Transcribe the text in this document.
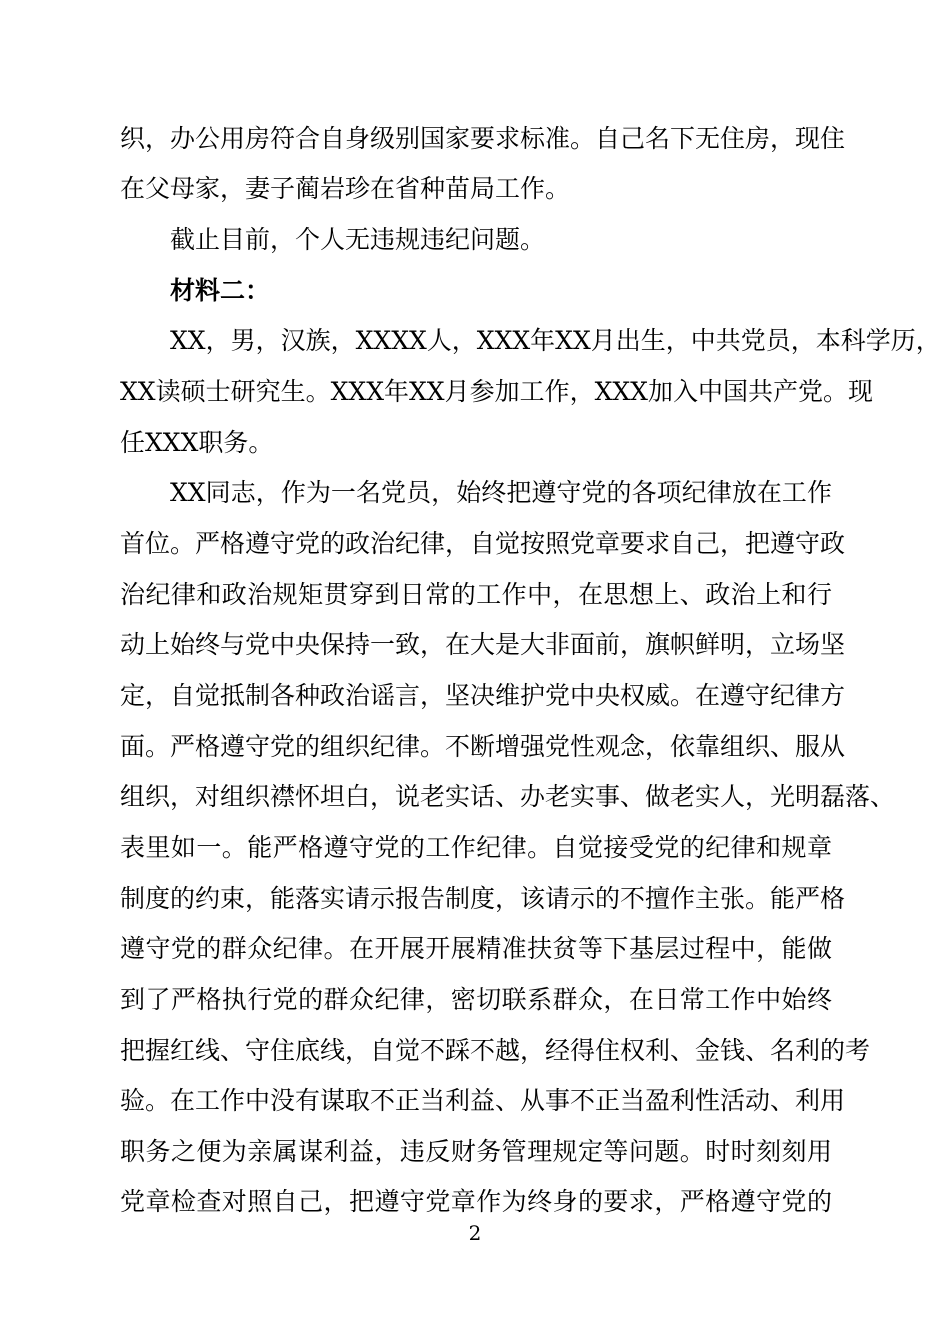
织，办公用房符合自身级别国家要求标准。自己名下无住房，现住
在父母家，妻子蔺岩珍在省种苗局工作。
截止目前，个人无违规违纪问题。
材料二：
XX，男，汉族，XXXX人，XXX年XX月出生，中共党员，本科学历，
XX读硕士研究生。XXX年XX月参加工作，XXX加入中国共产党。现
任XXX职务。
XX同志，作为一名党员，始终把遵守党的各项纪律放在工作
首位。严格遵守党的政治纪律，自觉按照党章要求自己，把遵守政
治纪律和政治规矩贯穿到日常的工作中，在思想上、政治上和行
动上始终与党中央保持一致，在大是大非面前，旗帜鲜明，立场坚
定，自觉抵制各种政治谣言，坚决维护党中央权威。在遵守纪律方
面。严格遵守党的组织纪律。不断增强党性观念，依靠组织、服从
组织，对组织襟怀坦白，说老实话、办老实事、做老实人，光明磊落、
表里如一。能严格遵守党的工作纪律。自觉接受党的纪律和规章
制度的约束，能落实请示报告制度，该请示的不擅作主张。能严格
遵守党的群众纪律。在开展开展精准扶贫等下基层过程中，能做
到了严格执行党的群众纪律，密切联系群众，在日常工作中始终
把握红线、守住底线，自觉不踩不越，经得住权利、金钱、名利的考
验。在工作中没有谋取不正当利益、从事不正当盈利性活动、利用
职务之便为亲属谋利益，违反财务管理规定等问题。时时刻刻用
党章检查对照自己，把遵守党章作为终身的要求，严格遵守党的
2
